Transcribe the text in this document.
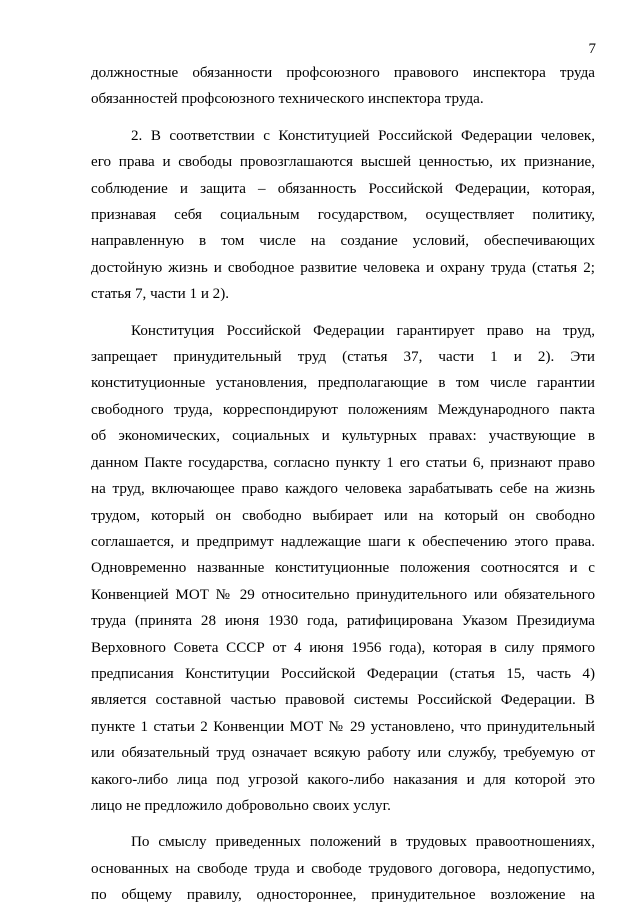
7
должностные обязанности профсоюзного правового инспектора труда
обязанностей профсоюзного технического инспектора труда.
2. В соответствии с Конституцией Российской Федерации человек,
его права и свободы провозглашаются высшей ценностью, их признание,
соблюдение и защита – обязанность Российской Федерации, которая,
признавая себя социальным государством, осуществляет политику,
направленную в том числе на создание условий, обеспечивающих
достойную жизнь и свободное развитие человека и охрану труда (статья 2;
статья 7, части 1 и 2).
Конституция Российской Федерации гарантирует право на труд,
запрещает принудительный труд (статья 37, части 1 и 2). Эти
конституционные установления, предполагающие в том числе гарантии
свободного труда, корреспондируют положениям Международного пакта
об экономических, социальных и культурных правах: участвующие в
данном Пакте государства, согласно пункту 1 его статьи 6, признают право
на труд, включающее право каждого человека зарабатывать себе на жизнь
трудом, который он свободно выбирает или на который он свободно
соглашается, и предпримут надлежащие шаги к обеспечению этого права.
Одновременно названные конституционные положения соотносятся и с
Конвенцией МОТ № 29 относительно принудительного или обязательного
труда (принята 28 июня 1930 года, ратифицирована Указом Президиума
Верховного Совета СССР от 4 июня 1956 года), которая в силу прямого
предписания Конституции Российской Федерации (статья 15, часть 4)
является составной частью правовой системы Российской Федерации. В
пункте 1 статьи 2 Конвенции МОТ № 29 установлено, что принудительный
или обязательный труд означает всякую работу или службу, требуемую от
какого-либо лица под угрозой какого-либо наказания и для которой это
лицо не предложило добровольно своих услуг.
По смыслу приведенных положений в трудовых правоотношениях,
основанных на свободе труда и свободе трудового договора, недопустимо,
по общему правилу, одностороннее, принудительное возложение на
